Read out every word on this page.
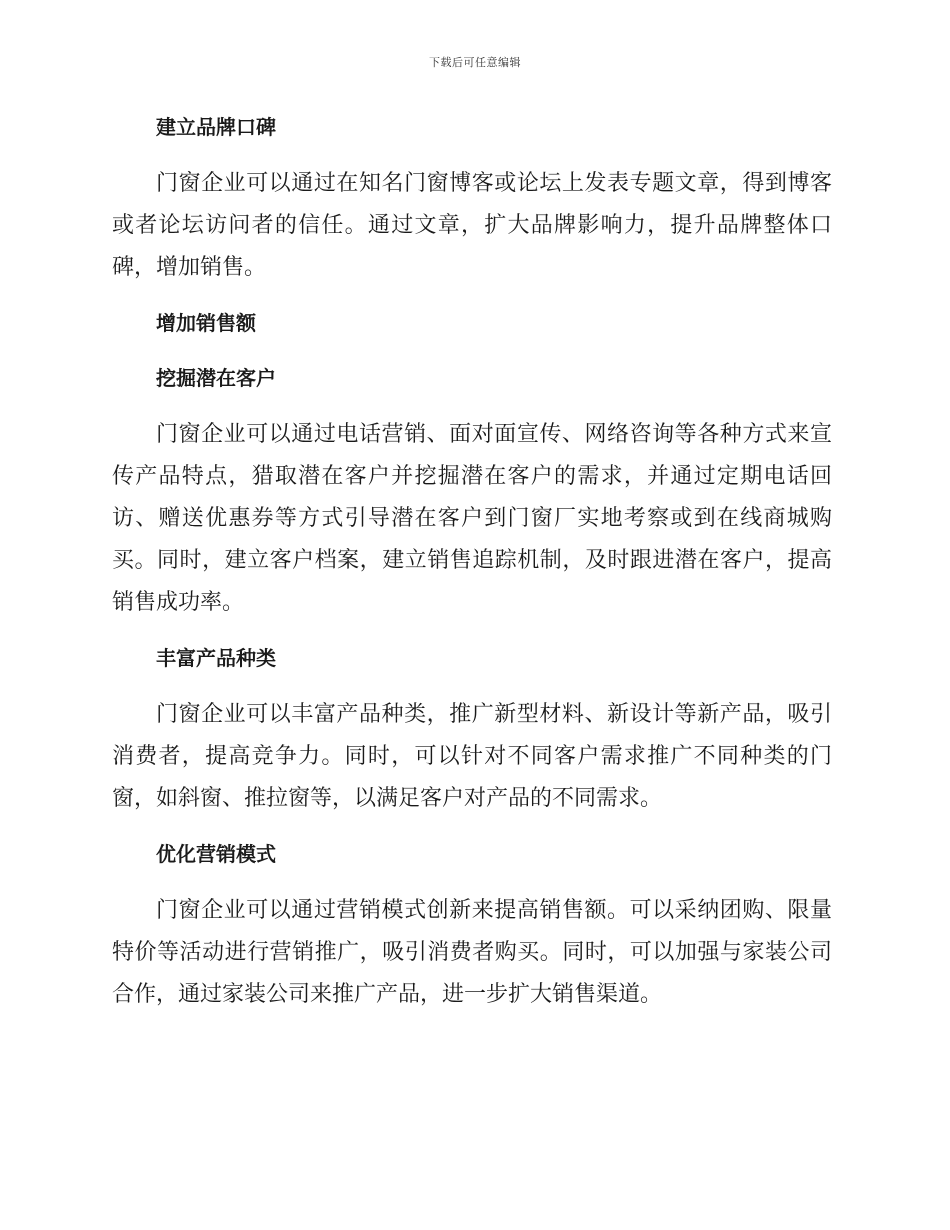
下载后可任意编辑
建立品牌口碑

门窗企业可以通过在知名门窗博客或论坛上发表专题文章，得到博客或者论坛访问者的信任。通过文章，扩大品牌影响力，提升品牌整体口碑，增加销售。

增加销售额
挖掘潜在客户

门窗企业可以通过电话营销、面对面宣传、网络咨询等各种方式来宣传产品特点，猎取潜在客户并挖掘潜在客户的需求，并通过定期电话回访、赠送优惠券等方式引导潜在客户到门窗厂实地考察或到在线商城购买。同时，建立客户档案，建立销售追踪机制，及时跟进潜在客户，提高销售成功率。

丰富产品种类

门窗企业可以丰富产品种类，推广新型材料、新设计等新产品，吸引消费者，提高竞争力。同时，可以针对不同客户需求推广不同种类的门窗，如斜窗、推拉窗等，以满足客户对产品的不同需求。

优化营销模式

门窗企业可以通过营销模式创新来提高销售额。可以采纳团购、限量特价等活动进行营销推广，吸引消费者购买。同时，可以加强与家装公司合作，通过家装公司来推广产品，进一步扩大销售渠道。
